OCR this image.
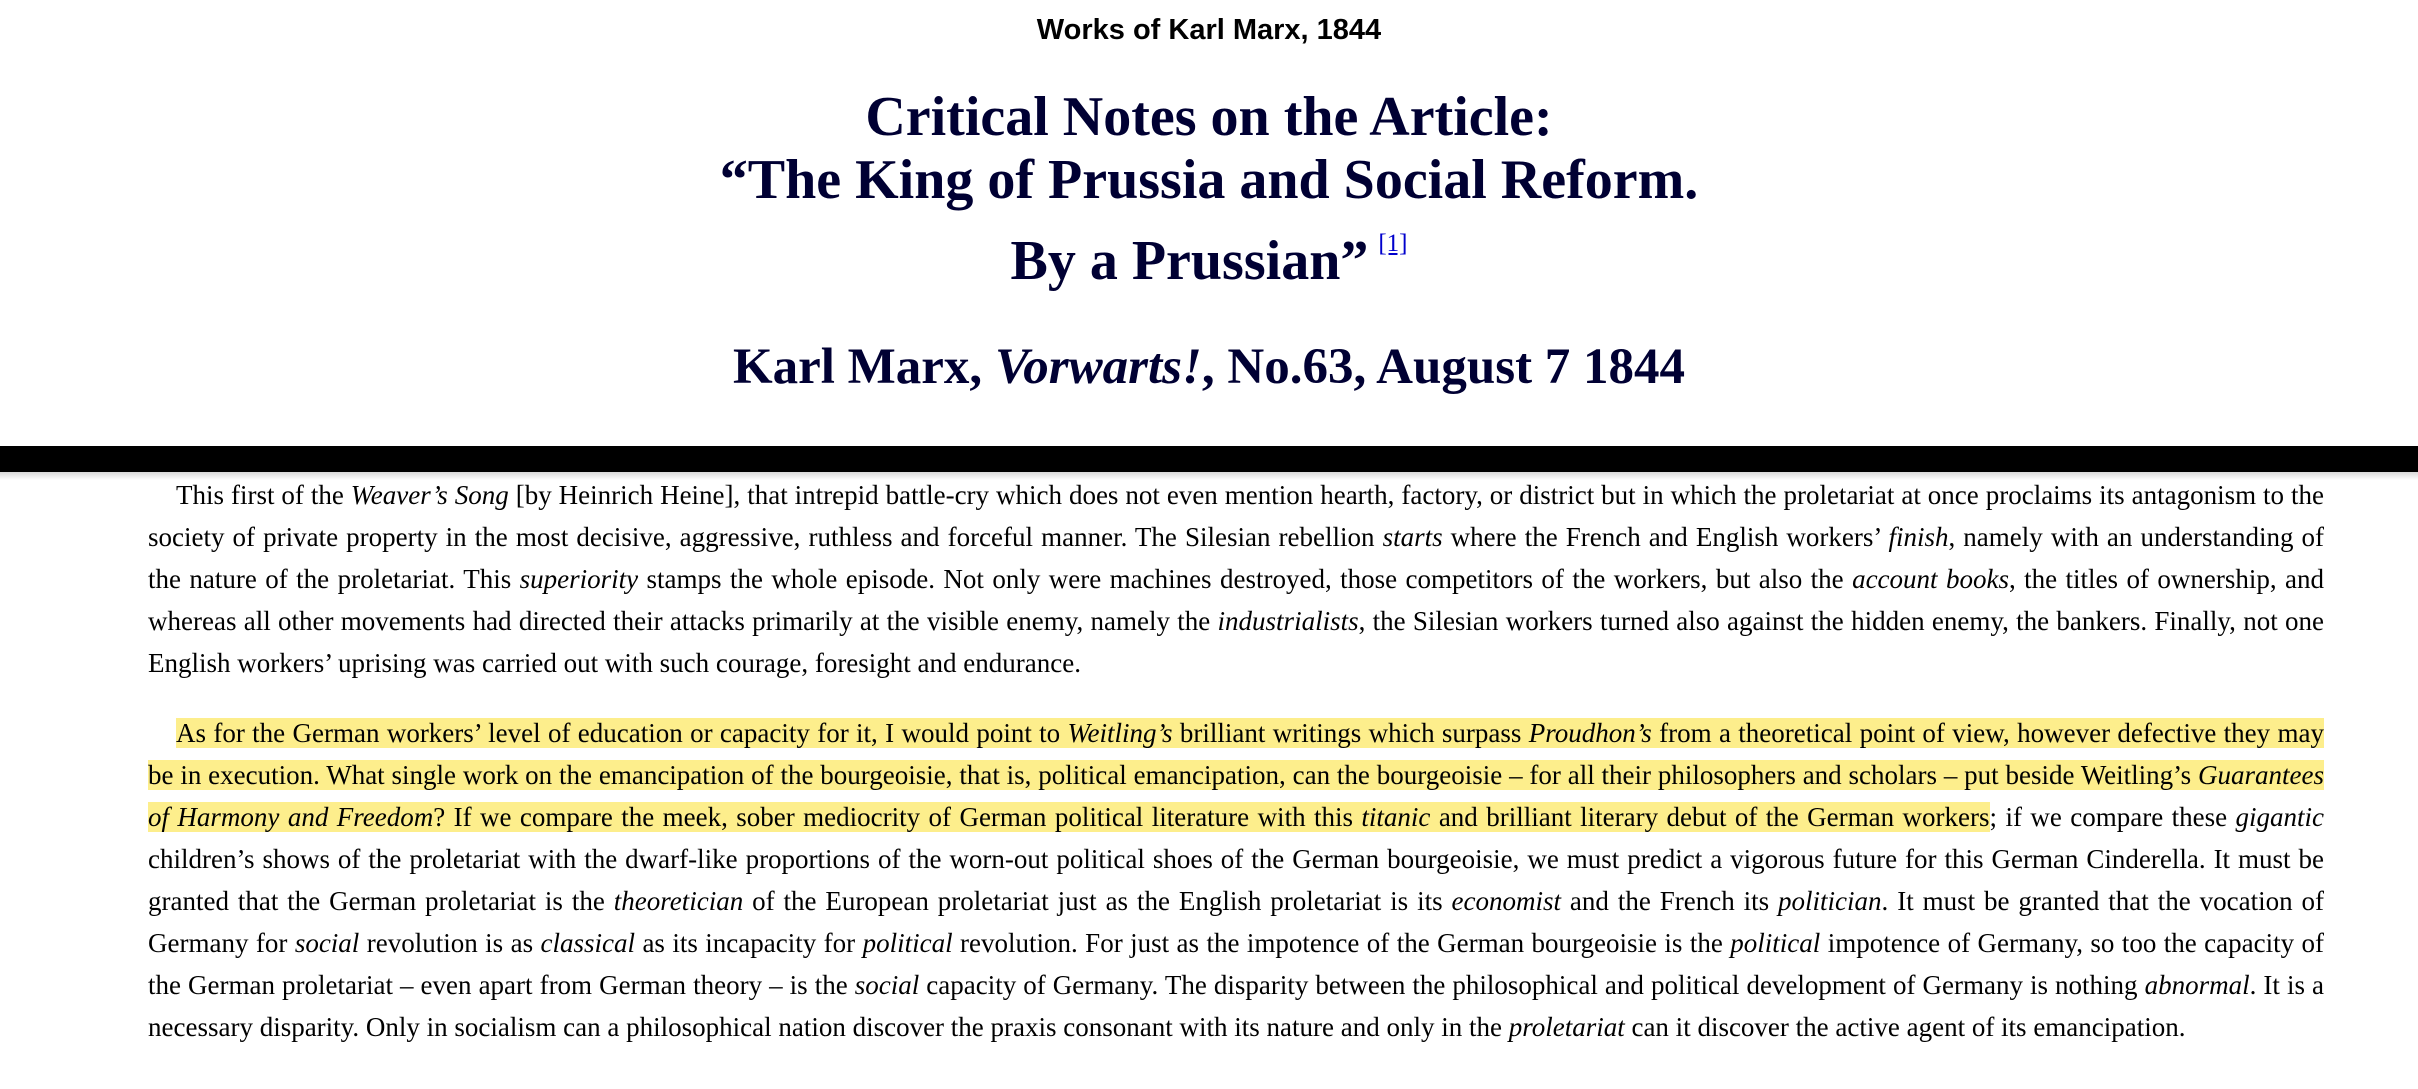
Works of Karl Marx, 1844
Critical Notes on the Article:
“The King of Prussia and Social Reform.
By a Prussian” [1]
Karl Marx, Vorwarts!, No.63, August 7 1844

This first of the Weaver’s Song [by Heinrich Heine], that intrepid battle-cry which does not even mention hearth, factory, or district but in which the proletariat at once proclaims its antagonism to the society of private property in the most decisive, aggressive, ruthless and forceful manner. The Silesian rebellion starts where the French and English workers’ finish, namely with an understanding of the nature of the proletariat. This superiority stamps the whole episode. Not only were machines destroyed, those competitors of the workers, but also the account books, the titles of ownership, and whereas all other movements had directed their attacks primarily at the visible enemy, namely the industrialists, the Silesian workers turned also against the hidden enemy, the bankers. Finally, not one English workers’ uprising was carried out with such courage, foresight and endurance.

As for the German workers’ level of education or capacity for it, I would point to Weitling’s brilliant writings which surpass Proudhon’s from a theoretical point of view, however defective they may be in execution. What single work on the emancipation of the bourgeoisie, that is, political emancipation, can the bourgeoisie – for all their philosophers and scholars – put beside Weitling’s Guarantees of Harmony and Freedom? If we compare the meek, sober mediocrity of German political literature with this titanic and brilliant literary debut of the German workers; if we compare these gigantic children’s shows of the proletariat with the dwarf-like proportions of the worn-out political shoes of the German bourgeoisie, we must predict a vigorous future for this German Cinderella. It must be granted that the German proletariat is the theoretician of the European proletariat just as the English proletariat is its economist and the French its politician. It must be granted that the vocation of Germany for social revolution is as classical as its incapacity for political revolution. For just as the impotence of the German bourgeoisie is the political impotence of Germany, so too the capacity of the German proletariat – even apart from German theory – is the social capacity of Germany. The disparity between the philosophical and political development of Germany is nothing abnormal. It is a necessary disparity. Only in socialism can a philosophical nation discover the praxis consonant with its nature and only in the proletariat can it discover the active agent of its emancipation.
